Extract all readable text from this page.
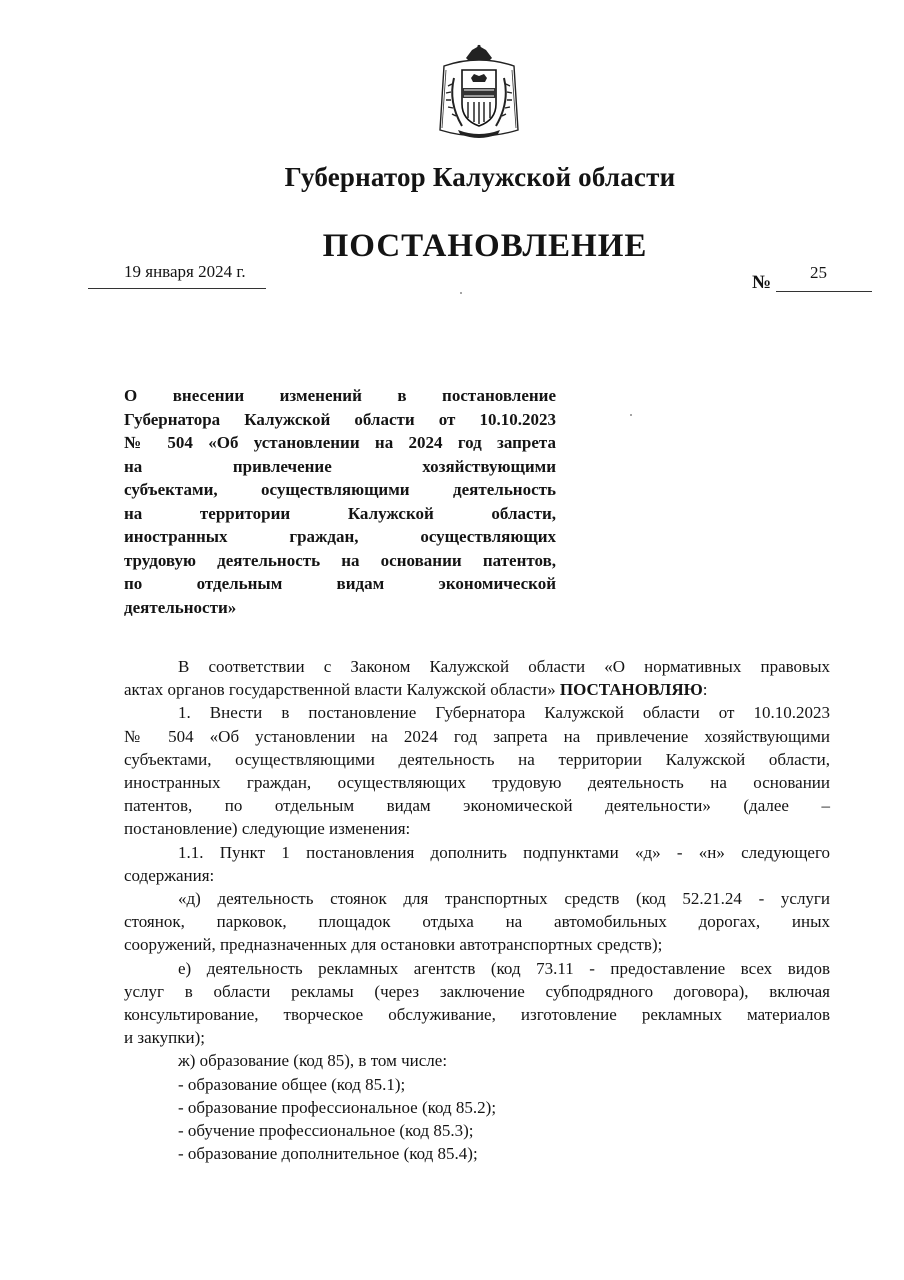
Губернатор Калужской области
ПОСТАНОВЛЕНИЕ
19 января 2024 г.
№ 25
О внесении изменений в постановление
Губернатора Калужской области от 10.10.2023
№ 504 «Об установлении на 2024 год запрета
на привлечение хозяйствующими
субъектами, осуществляющими деятельность
на территории Калужской области,
иностранных граждан, осуществляющих
трудовую деятельность на основании патентов,
по отдельным видам экономической
деятельности»
В соответствии с Законом Калужской области «О нормативных правовых
актах органов государственной власти Калужской области» ПОСТАНОВЛЯЮ:
1. Внести в постановление Губернатора Калужской области от 10.10.2023
№ 504 «Об установлении на 2024 год запрета на привлечение хозяйствующими
субъектами, осуществляющими деятельность на территории Калужской области,
иностранных граждан, осуществляющих трудовую деятельность на основании
патентов, по отдельным видам экономической деятельности» (далее –
постановление) следующие изменения:
1.1. Пункт 1 постановления дополнить подпунктами «д» - «н» следующего
содержания:
«д) деятельность стоянок для транспортных средств (код 52.21.24 - услуги
стоянок, парковок, площадок отдыха на автомобильных дорогах, иных
сооружений, предназначенных для остановки автотранспортных средств);
е) деятельность рекламных агентств (код 73.11 - предоставление всех видов
услуг в области рекламы (через заключение субподрядного договора), включая
консультирование, творческое обслуживание, изготовление рекламных материалов
и закупки);
ж) образование (код 85), в том числе:
- образование общее (код 85.1);
- образование профессиональное (код 85.2);
- обучение профессиональное (код 85.3);
- образование дополнительное (код 85.4);
